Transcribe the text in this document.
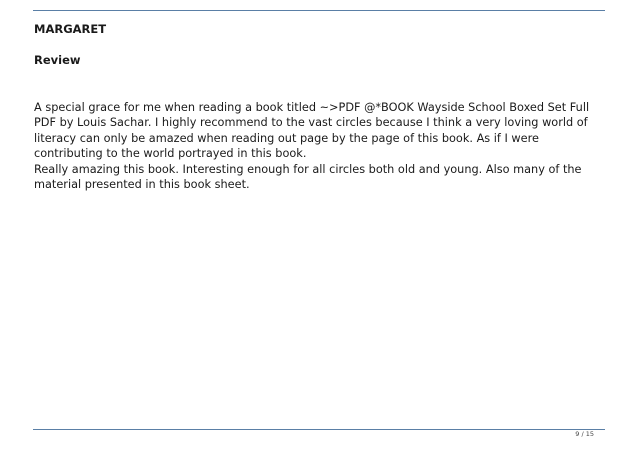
MARGARET
Review

A special grace for me when reading a book titled ~>PDF @*BOOK Wayside School Boxed Set Full PDF by Louis Sachar. I highly recommend to the vast circles because I think a very loving world of literacy can only be amazed when reading out page by the page of this book. As if I were contributing to the world portrayed in this book.

Really amazing this book. Interesting enough for all circles both old and young. Also many of the material presented in this book sheet.

9 / 15
